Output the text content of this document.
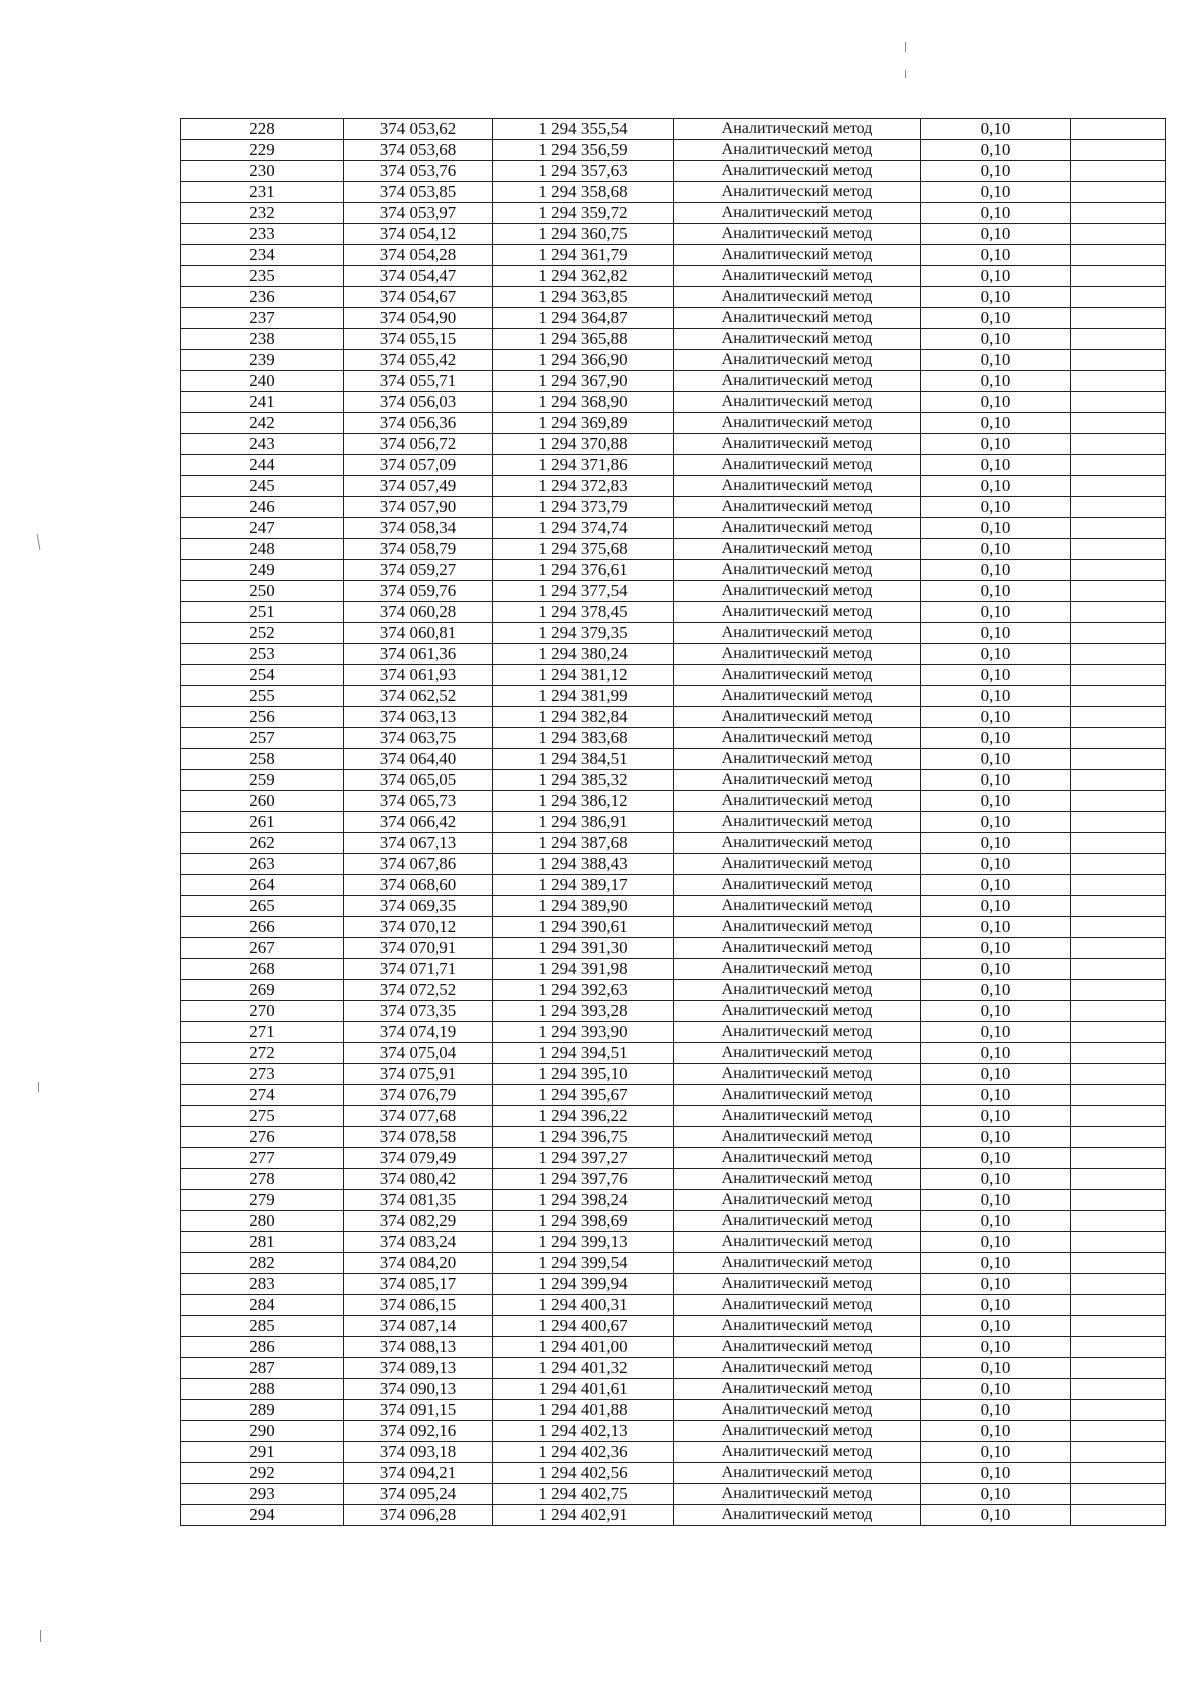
228	374 053,62	1 294 355,54	Аналитический метод	0,10	
229	374 053,68	1 294 356,59	Аналитический метод	0,10	
230	374 053,76	1 294 357,63	Аналитический метод	0,10	
231	374 053,85	1 294 358,68	Аналитический метод	0,10	
232	374 053,97	1 294 359,72	Аналитический метод	0,10	
233	374 054,12	1 294 360,75	Аналитический метод	0,10	
234	374 054,28	1 294 361,79	Аналитический метод	0,10	
235	374 054,47	1 294 362,82	Аналитический метод	0,10	
236	374 054,67	1 294 363,85	Аналитический метод	0,10	
237	374 054,90	1 294 364,87	Аналитический метод	0,10	
238	374 055,15	1 294 365,88	Аналитический метод	0,10	
239	374 055,42	1 294 366,90	Аналитический метод	0,10	
240	374 055,71	1 294 367,90	Аналитический метод	0,10	
241	374 056,03	1 294 368,90	Аналитический метод	0,10	
242	374 056,36	1 294 369,89	Аналитический метод	0,10	
243	374 056,72	1 294 370,88	Аналитический метод	0,10	
244	374 057,09	1 294 371,86	Аналитический метод	0,10	
245	374 057,49	1 294 372,83	Аналитический метод	0,10	
246	374 057,90	1 294 373,79	Аналитический метод	0,10	
247	374 058,34	1 294 374,74	Аналитический метод	0,10	
248	374 058,79	1 294 375,68	Аналитический метод	0,10	
249	374 059,27	1 294 376,61	Аналитический метод	0,10	
250	374 059,76	1 294 377,54	Аналитический метод	0,10	
251	374 060,28	1 294 378,45	Аналитический метод	0,10	
252	374 060,81	1 294 379,35	Аналитический метод	0,10	
253	374 061,36	1 294 380,24	Аналитический метод	0,10	
254	374 061,93	1 294 381,12	Аналитический метод	0,10	
255	374 062,52	1 294 381,99	Аналитический метод	0,10	
256	374 063,13	1 294 382,84	Аналитический метод	0,10	
257	374 063,75	1 294 383,68	Аналитический метод	0,10	
258	374 064,40	1 294 384,51	Аналитический метод	0,10	
259	374 065,05	1 294 385,32	Аналитический метод	0,10	
260	374 065,73	1 294 386,12	Аналитический метод	0,10	
261	374 066,42	1 294 386,91	Аналитический метод	0,10	
262	374 067,13	1 294 387,68	Аналитический метод	0,10	
263	374 067,86	1 294 388,43	Аналитический метод	0,10	
264	374 068,60	1 294 389,17	Аналитический метод	0,10	
265	374 069,35	1 294 389,90	Аналитический метод	0,10	
266	374 070,12	1 294 390,61	Аналитический метод	0,10	
267	374 070,91	1 294 391,30	Аналитический метод	0,10	
268	374 071,71	1 294 391,98	Аналитический метод	0,10	
269	374 072,52	1 294 392,63	Аналитический метод	0,10	
270	374 073,35	1 294 393,28	Аналитический метод	0,10	
271	374 074,19	1 294 393,90	Аналитический метод	0,10	
272	374 075,04	1 294 394,51	Аналитический метод	0,10	
273	374 075,91	1 294 395,10	Аналитический метод	0,10	
274	374 076,79	1 294 395,67	Аналитический метод	0,10	
275	374 077,68	1 294 396,22	Аналитический метод	0,10	
276	374 078,58	1 294 396,75	Аналитический метод	0,10	
277	374 079,49	1 294 397,27	Аналитический метод	0,10	
278	374 080,42	1 294 397,76	Аналитический метод	0,10	
279	374 081,35	1 294 398,24	Аналитический метод	0,10	
280	374 082,29	1 294 398,69	Аналитический метод	0,10	
281	374 083,24	1 294 399,13	Аналитический метод	0,10	
282	374 084,20	1 294 399,54	Аналитический метод	0,10	
283	374 085,17	1 294 399,94	Аналитический метод	0,10	
284	374 086,15	1 294 400,31	Аналитический метод	0,10	
285	374 087,14	1 294 400,67	Аналитический метод	0,10	
286	374 088,13	1 294 401,00	Аналитический метод	0,10	
287	374 089,13	1 294 401,32	Аналитический метод	0,10	
288	374 090,13	1 294 401,61	Аналитический метод	0,10	
289	374 091,15	1 294 401,88	Аналитический метод	0,10	
290	374 092,16	1 294 402,13	Аналитический метод	0,10	
291	374 093,18	1 294 402,36	Аналитический метод	0,10	
292	374 094,21	1 294 402,56	Аналитический метод	0,10	
293	374 095,24	1 294 402,75	Аналитический метод	0,10	
294	374 096,28	1 294 402,91	Аналитический метод	0,10	
